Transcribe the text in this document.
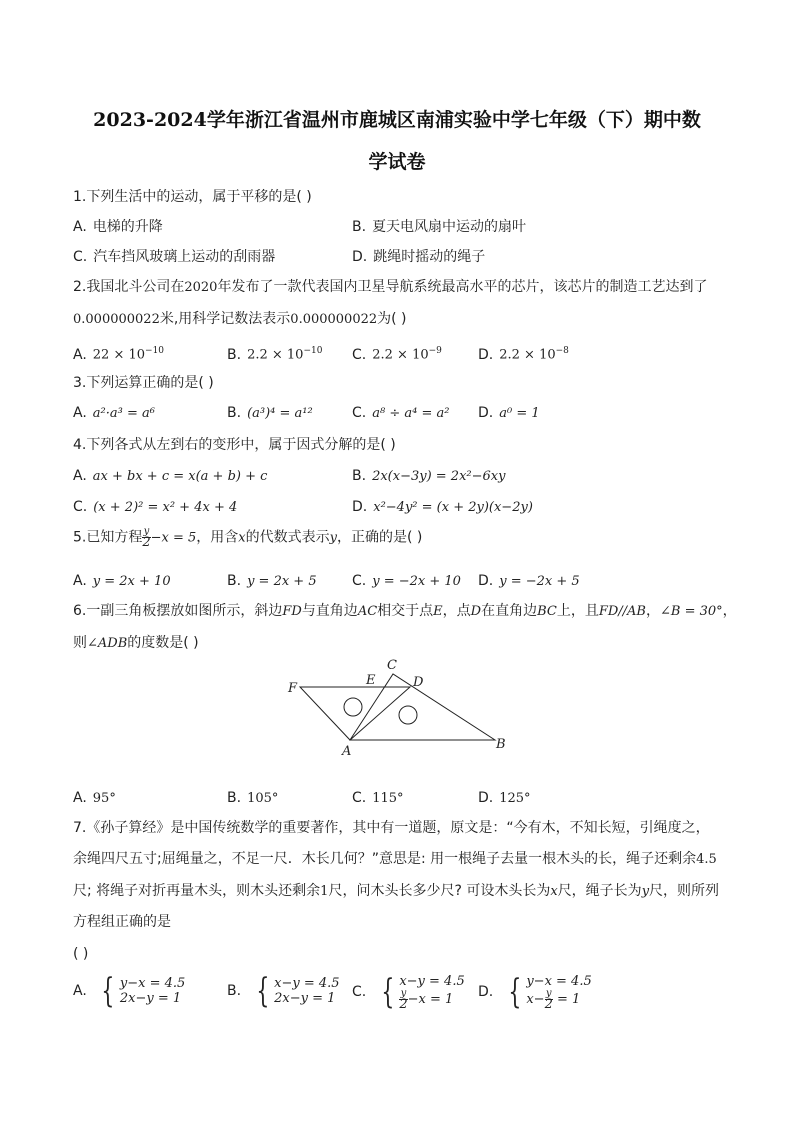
2023-2024学年浙江省温州市鹿城区南浦实验中学七年级（下）期中数
学试卷
1.下列生活中的运动，属于平移的是( )
A. 电梯的升降	B. 夏天电风扇中运动的扇叶
C. 汽车挡风玻璃上运动的刮雨器	D. 跳绳时摇动的绳子
2.我国北斗公司在2020年发布了一款代表国内卫星导航系统最高水平的芯片，该芯片的制造工艺达到了
0.000000022米,用科学记数法表示0.000000022为( )
A. $22 \times 10^{-10}$	B. $2.2 \times 10^{-10}$ C. $2.2 \times 10^{-9}$	D. $2.2 \times 10^{-8}$
3.下列运算正确的是( )
A. a²·a³ = a⁶	B. (a³)⁴ = a¹²	C. a⁸ ÷ a⁴ = a² D. a⁰ = 1
4.下列各式从左到右的变形中，属于因式分解的是( )
A. ax + bx + c = x(a + b) + c	B. 2x(x−3y) = 2x²−6xy
C. (x + 2)² = x² + 4x + 4	D. x²−4y² = (x + 2y)(x−2y)
5.已知方程 $\frac{y}{2} -x = 5$，用含x的代数式表示y，正确的是( )
A. y = 2x + 10	B. y = 2x + 5	C. y = −2x + 10 D. y = −2x + 5
6.一副三角板摆放如图所示，斜边FD与直角边AC相交于点E，点D在直角边BC上，且FD//AB，∠B = 30°，
则∠ADB的度数是( )
F
E
C
D
A	B
A. 95°	B. 105°	C. 115°	D. 125°
7.《孙子算经》是中国传统数学的重要著作，其中有一道题，原文是：“今有木，不知长短，引绳度之，
余绳四尺五寸;屈绳量之，不足一尺．木长几何？”意思是: 用一根绳子去量一根木头的长，绳子还剩余4.5
尺; 将绳子对折再量木头，则木头还剩余1尺，问木头长多少尺? 可设木头长为x尺，绳子长为y尺，则所列
方程组正确的是
( )
A. { y−x = 4.5
2x−y = 1	B. { x−y = 4.5
2x−y = 1 C. { x−y = 4.5
$\frac{y}{2} -x = 1$	D. { y−x = 4.5
$x- \frac{y}{2} = 1$
